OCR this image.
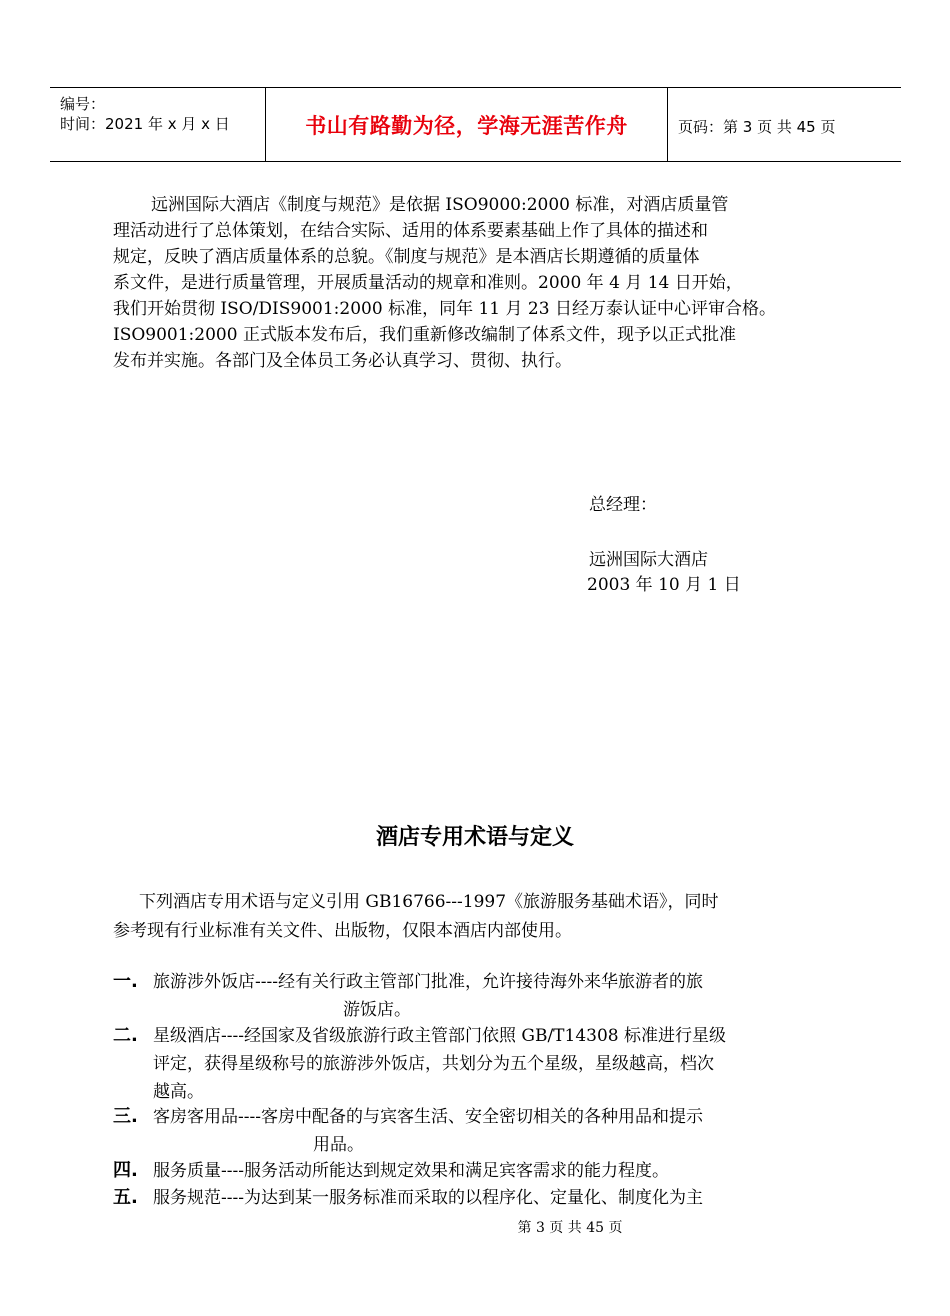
编号：
时间：2021 年 x 月 x 日	书山有路勤为径，学海无涯苦作舟	页码：第 3 页 共 45 页
远洲国际大酒店《制度与规范》是依据 ISO9000:2000 标准，对酒店质量管
理活动进行了总体策划，在结合实际、适用的体系要素基础上作了具体的描述和
规定，反映了酒店质量体系的总貌。《制度与规范》是本酒店长期遵循的质量体
系文件，是进行质量管理，开展质量活动的规章和准则。2000 年 4 月 14 日开始，
我们开始贯彻 ISO/DIS9001:2000 标准，同年 11 月 23 日经万泰认证中心评审合格。
ISO9001:2000 正式版本发布后，我们重新修改编制了体系文件，现予以正式批准
发布并实施。各部门及全体员工务必认真学习、贯彻、执行。
总经理：
远洲国际大酒店
2003 年 10 月 1 日
酒店专用术语与定义
下列酒店专用术语与定义引用 GB16766---1997《旅游服务基础术语》，同时
参考现有行业标准有关文件、出版物，仅限本酒店内部使用。
一. 旅游涉外饭店----经有关行政主管部门批准，允许接待海外来华旅游者的旅
游饭店。
二. 星级酒店----经国家及省级旅游行政主管部门依照 GB/T14308 标准进行星级
评定，获得星级称号的旅游涉外饭店，共划分为五个星级，星级越高，档次
越高。
三. 客房客用品----客房中配备的与宾客生活、安全密切相关的各种用品和提示
用品。
四. 服务质量----服务活动所能达到规定效果和满足宾客需求的能力程度。
五. 服务规范----为达到某一服务标准而采取的以程序化、定量化、制度化为主
第 3 页 共 45 页
